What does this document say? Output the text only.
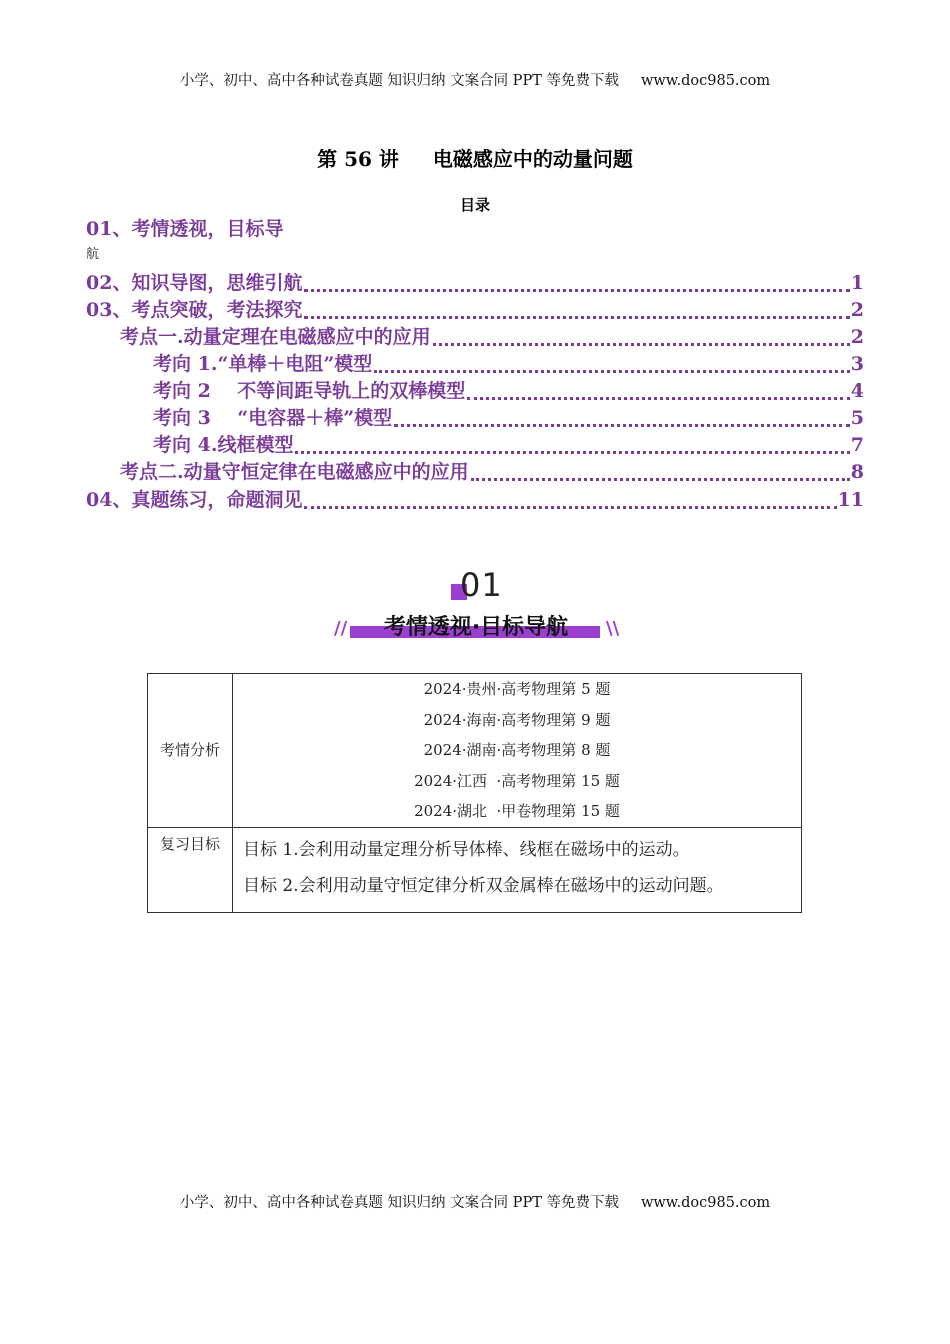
小学、初中、高中各种试卷真题 知识归纳 文案合同 PPT 等免费下载 www.doc985.com
第 56 讲 电磁感应中的动量问题
目录
01、考情透视，目标导
航
02、知识导图，思维引航	1
03、考点突破，考法探究	2
考点一.动量定理在电磁感应中的应用	2
考向 1.“单棒＋电阻”模型	3
考向 2    不等间距导轨上的双棒模型	4
考向 3    “电容器＋棒”模型	5
考向 4.线框模型	7
考点二.动量守恒定律在电磁感应中的应用	8
04、真题练习，命题洞见	11
01
//	考情透视·目标导航	\\
考情分析	2024·贵州·高考物理第 5 题
2024·海南·高考物理第 9 题
2024·湖南·高考物理第 8 题
2024·江西  ·高考物理第 15 题
2024·湖北  ·甲卷物理第 15 题

复习目标	目标 1.会利用动量定理分析导体棒、线框在磁场中的运动。
目标 2.会利用动量守恒定律分析双金属棒在磁场中的运动问题。
小学、初中、高中各种试卷真题 知识归纳 文案合同 PPT 等免费下载 www.doc985.com
